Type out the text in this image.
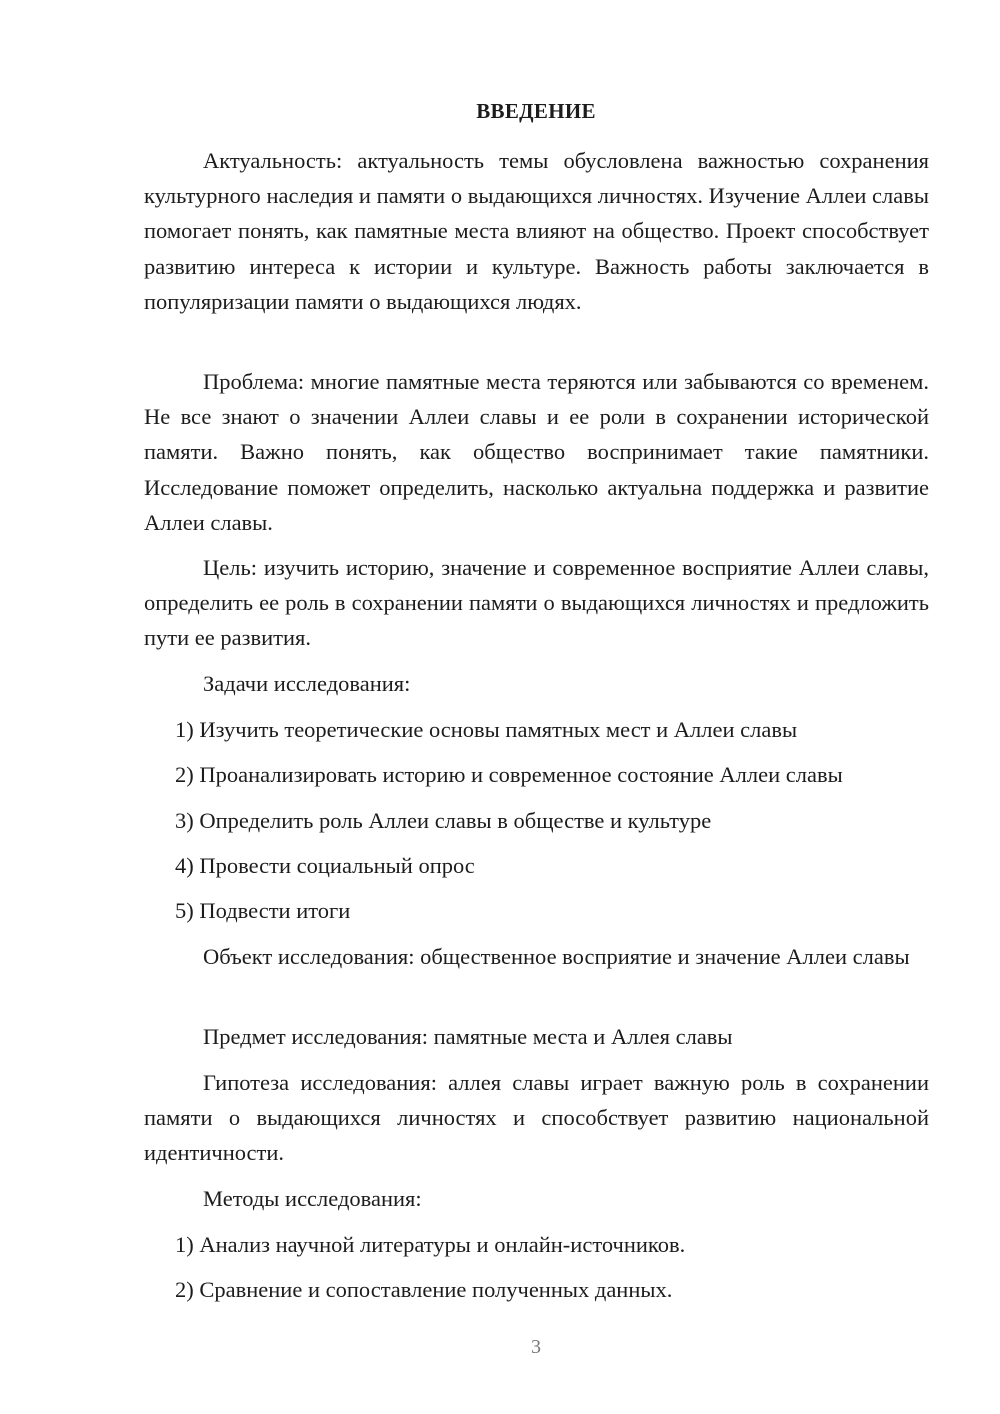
ВВЕДЕНИЕ

Актуальность: актуальность темы обусловлена важностью сохранения культурного наследия и памяти о выдающихся личностях. Изучение Аллеи славы помогает понять, как памятные места влияют на общество. Проект способствует развитию интереса к истории и культуре. Важность работы заключается в популяризации памяти о выдающихся людях.

Проблема: многие памятные места теряются или забываются со временем. Не все знают о значении Аллеи славы и ее роли в сохранении исторической памяти. Важно понять, как общество воспринимает такие памятники. Исследование поможет определить, насколько актуальна поддержка и развитие Аллеи славы.

Цель: изучить историю, значение и современное восприятие Аллеи славы, определить ее роль в сохранении памяти о выдающихся личностях и предложить пути ее развития.

Задачи исследования:

1) Изучить теоретические основы памятных мест и Аллеи славы

2) Проанализировать историю и современное состояние Аллеи славы

3) Определить роль Аллеи славы в обществе и культуре

4) Провести социальный опрос

5) Подвести итоги

Объект исследования: общественное восприятие и значение Аллеи славы

Предмет исследования: памятные места и Аллея славы

Гипотеза исследования: аллея славы играет важную роль в сохранении памяти о выдающихся личностях и способствует развитию национальной идентичности.

Методы исследования:

1) Анализ научной литературы и онлайн-источников.

2) Сравнение и сопоставление полученных данных.

3
